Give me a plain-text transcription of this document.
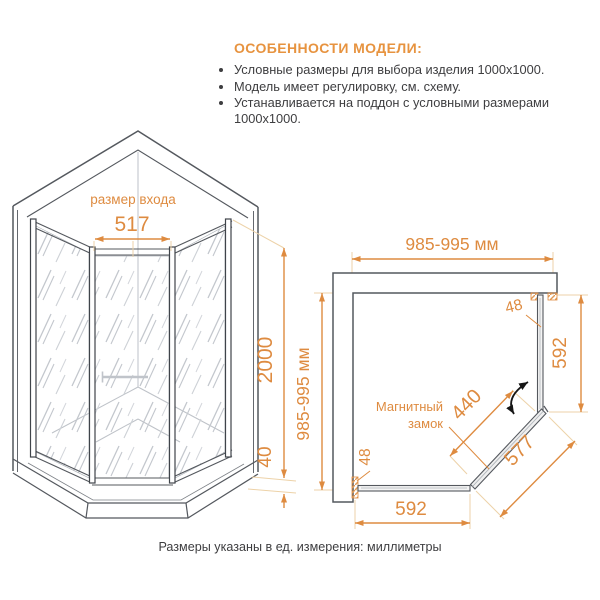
ОСОБЕННОСТИ МОДЕЛИ:
• Условные размеры для выбора изделия 1000x1000.
• Модель имеет регулировку, см. схему.
• Устанавливается на поддон с условными размерами 1000x1000.
размер входа
517
2000
40
985-995 мм
985-995 мм
48
592
440
577
48
592
Магнитный
замок
Размеры указаны в ед. измерения: миллиметры
